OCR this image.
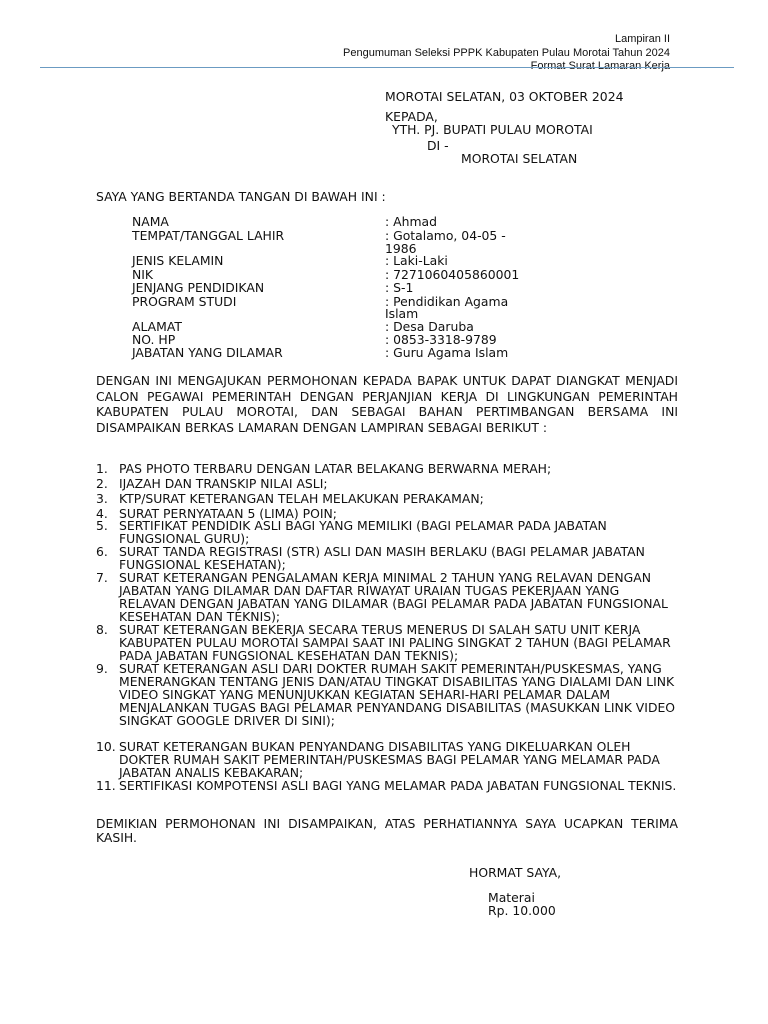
Lampiran II
Pengumuman Seleksi PPPK Kabupaten Pulau Morotai Tahun 2024
Format Surat Lamaran Kerja
MOROTAI SELATAN, 03 OKTOBER 2024
KEPADA,
YTH. PJ. BUPATI PULAU MOROTAI
DI -
MOROTAI SELATAN
SAYA YANG BERTANDA TANGAN DI BAWAH INI :
NAMA	: Ahmad
TEMPAT/TANGGAL LAHIR	: Gotalamo, 04-05 -
1986
JENIS KELAMIN	: Laki-Laki
NIK	: 7271060405860001
JENJANG PENDIDIKAN	: S-1
PROGRAM STUDI	: Pendidikan Agama
Islam
ALAMAT	: Desa Daruba
NO. HP	: 0853-3318-9789
JABATAN YANG DILAMAR	: Guru Agama Islam
DENGAN INI MENGAJUKAN PERMOHONAN KEPADA BAPAK UNTUK DAPAT DIANGKAT MENJADI CALON PEGAWAI PEMERINTAH DENGAN PERJANJIAN KERJA DI LINGKUNGAN PEMERINTAH KABUPATEN PULAU MOROTAI, DAN SEBAGAI BAHAN PERTIMBANGAN BERSAMA INI DISAMPAIKAN BERKAS LAMARAN DENGAN LAMPIRAN SEBAGAI BERIKUT :
1. PAS PHOTO TERBARU DENGAN LATAR BELAKANG BERWARNA MERAH;
2. IJAZAH DAN TRANSKIP NILAI ASLI;
3. KTP/SURAT KETERANGAN TELAH MELAKUKAN PERAKAMAN;
4. SURAT PERNYATAAN 5 (LIMA) POIN;
5. SERTIFIKAT PENDIDIK ASLI BAGI YANG MEMILIKI (BAGI PELAMAR PADA JABATAN FUNGSIONAL GURU);
6. SURAT TANDA REGISTRASI (STR) ASLI DAN MASIH BERLAKU (BAGI PELAMAR JABATAN FUNGSIONAL KESEHATAN);
7. SURAT KETERANGAN PENGALAMAN KERJA MINIMAL 2 TAHUN YANG RELAVAN DENGAN JABATAN YANG DILAMAR DAN DAFTAR RIWAYAT URAIAN TUGAS PEKERJAAN YANG RELAVAN DENGAN JABATAN YANG DILAMAR (BAGI PELAMAR PADA JABATAN FUNGSIONAL KESEHATAN DAN TEKNIS);
8. SURAT KETERANGAN BEKERJA SECARA TERUS MENERUS DI SALAH SATU UNIT KERJA KABUPATEN PULAU MOROTAI SAMPAI SAAT INI PALING SINGKAT 2 TAHUN (BAGI PELAMAR PADA JABATAN FUNGSIONAL KESEHATAN DAN TEKNIS);
9. SURAT KETERANGAN ASLI DARI DOKTER RUMAH SAKIT PEMERINTAH/PUSKESMAS, YANG MENERANGKAN TENTANG JENIS DAN/ATAU TINGKAT DISABILITAS YANG DIALAMI DAN LINK VIDEO SINGKAT YANG MENUNJUKKAN KEGIATAN SEHARI-HARI PELAMAR DALAM MENJALANKAN TUGAS BAGI PELAMAR PENYANDANG DISABILITAS (MASUKKAN LINK VIDEO SINGKAT GOOGLE DRIVER DI SINI);
10. SURAT KETERANGAN BUKAN PENYANDANG DISABILITAS YANG DIKELUARKAN OLEH DOKTER RUMAH SAKIT PEMERINTAH/PUSKESMAS BAGI PELAMAR YANG MELAMAR PADA JABATAN ANALIS KEBAKARAN;
11. SERTIFIKASI KOMPOTENSI ASLI BAGI YANG MELAMAR PADA JABATAN FUNGSIONAL TEKNIS.
DEMIKIAN PERMOHONAN INI DISAMPAIKAN, ATAS PERHATIANNYA SAYA UCAPKAN TERIMA KASIH.
HORMAT SAYA,
Materai
Rp. 10.000
